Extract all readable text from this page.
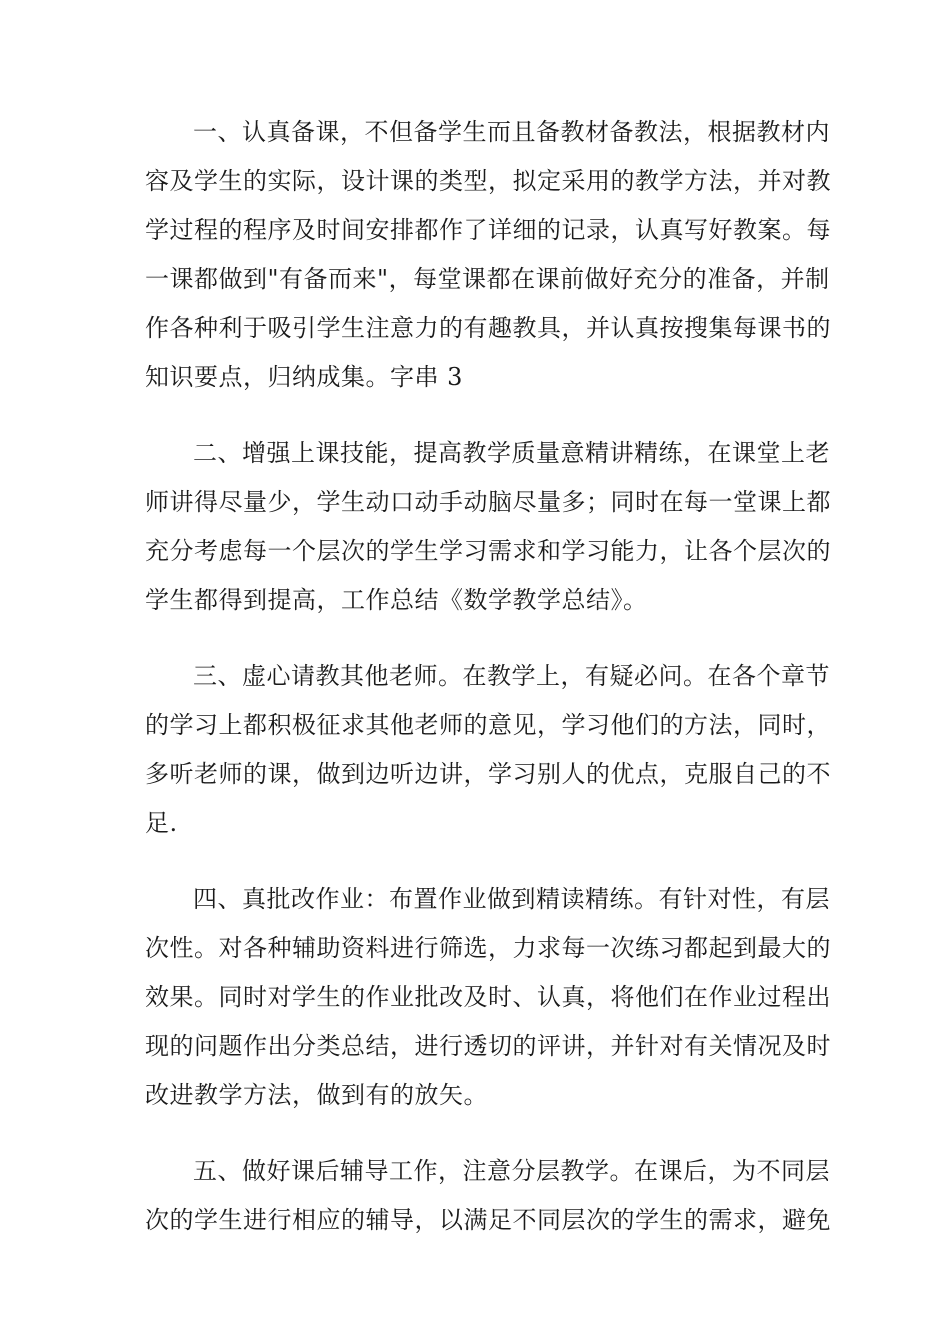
一、认真备课，不但备学生而且备教材备教法，根据教材内
容及学生的实际，设计课的类型，拟定采用的教学方法，并对教
学过程的程序及时间安排都作了详细的记录，认真写好教案。每
一课都做到"有备而来"，每堂课都在课前做好充分的准备，并制
作各种利于吸引学生注意力的有趣教具，并认真按搜集每课书的
知识要点，归纳成集。字串 3
二、增强上课技能，提高教学质量意精讲精练，在课堂上老
师讲得尽量少，学生动口动手动脑尽量多；同时在每一堂课上都
充分考虑每一个层次的学生学习需求和学习能力，让各个层次的
学生都得到提高，工作总结《数学教学总结》。
三、虚心请教其他老师。在教学上，有疑必问。在各个章节
的学习上都积极征求其他老师的意见，学习他们的方法，同时，
多听老师的课，做到边听边讲，学习别人的优点，克服自己的不
足.
四、真批改作业：布置作业做到精读精练。有针对性，有层
次性。对各种辅助资料进行筛选，力求每一次练习都起到最大的
效果。同时对学生的作业批改及时、认真，将他们在作业过程出
现的问题作出分类总结，进行透切的评讲，并针对有关情况及时
改进教学方法，做到有的放矢。
五、做好课后辅导工作，注意分层教学。在课后，为不同层
次的学生进行相应的辅导，以满足不同层次的学生的需求，避免
